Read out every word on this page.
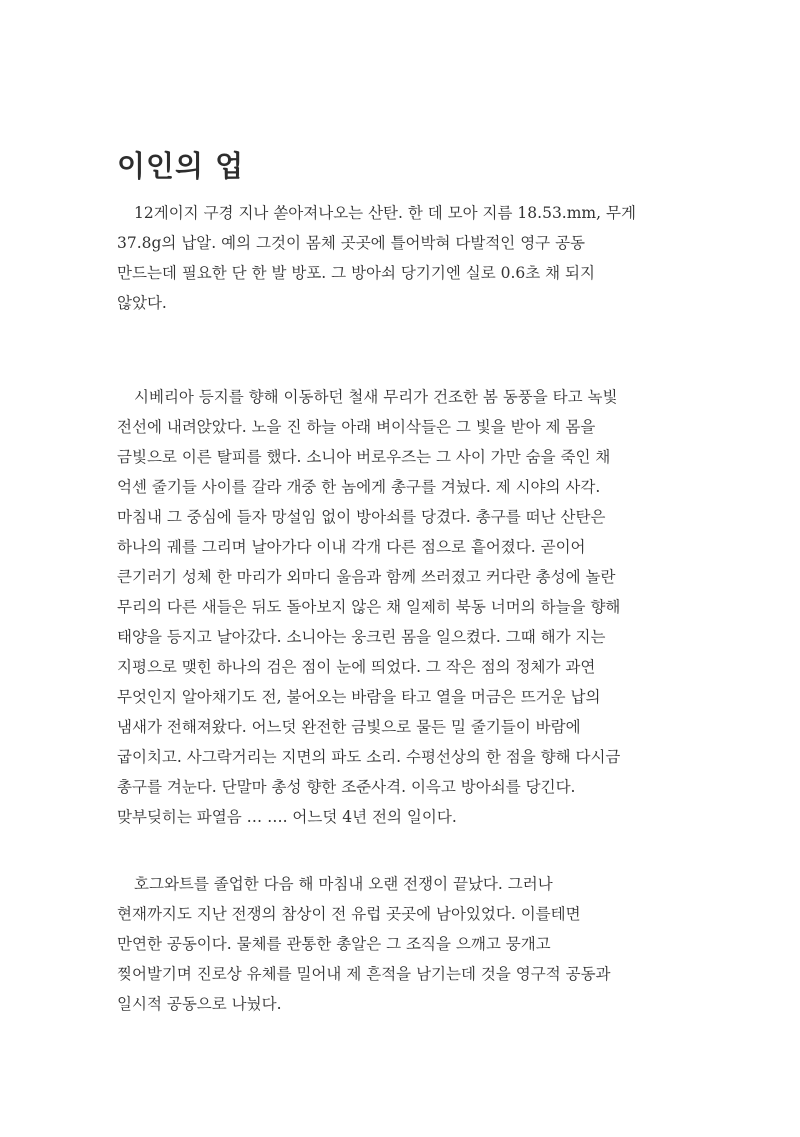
이인의 업
12게이지 구경 지나 쏟아져나오는 산탄. 한 데 모아 지름 18.53.mm, 무게
37.8g의 납알. 예의 그것이 몸체 곳곳에 틀어박혀 다발적인 영구 공동
만드는데 필요한 단 한 발 방포. 그 방아쇠 당기기엔 실로 0.6초 채 되지
않았다.
시베리아 등지를 향해 이동하던 철새 무리가 건조한 봄 동풍을 타고 녹빛
전선에 내려앉았다. 노을 진 하늘 아래 벼이삭들은 그 빛을 받아 제 몸을
금빛으로 이른 탈피를 했다. 소니아 버로우즈는 그 사이 가만 숨을 죽인 채
억센 줄기들 사이를 갈라 개중 한 놈에게 총구를 겨눴다. 제 시야의 사각.
마침내 그 중심에 들자 망설임 없이 방아쇠를 당겼다. 총구를 떠난 산탄은
하나의 궤를 그리며 날아가다 이내 각개 다른 점으로 흩어졌다. 곧이어
큰기러기 성체 한 마리가 외마디 울음과 함께 쓰러졌고 커다란 총성에 놀란
무리의 다른 새들은 뒤도 돌아보지 않은 채 일제히 북동 너머의 하늘을 향해
태양을 등지고 날아갔다. 소니아는 웅크린 몸을 일으켰다. 그때 해가 지는
지평으로 맺힌 하나의 검은 점이 눈에 띄었다. 그 작은 점의 정체가 과연
무엇인지 알아채기도 전, 불어오는 바람을 타고 열을 머금은 뜨거운 납의
냄새가 전해져왔다. 어느덧 완전한 금빛으로 물든 밀 줄기들이 바람에
굽이치고. 사그락거리는 지면의 파도 소리. 수평선상의 한 점을 향해 다시금
총구를 겨눈다. 단말마 총성 향한 조준사격. 이윽고 방아쇠를 당긴다.
맞부딪히는 파열음 … …. 어느덧 4년 전의 일이다.
호그와트를 졸업한 다음 해 마침내 오랜 전쟁이 끝났다. 그러나
현재까지도 지난 전쟁의 참상이 전 유럽 곳곳에 남아있었다. 이를테면
만연한 공동이다. 물체를 관통한 총알은 그 조직을 으깨고 뭉개고
찢어발기며 진로상 유체를 밀어내 제 흔적을 남기는데 것을 영구적 공동과
일시적 공동으로 나눴다.
